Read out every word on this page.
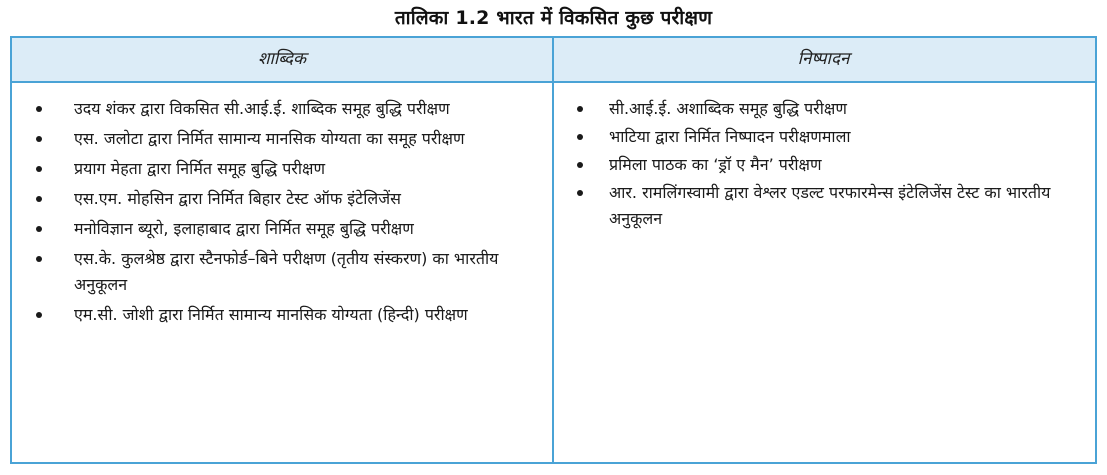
तालिका 1.2 भारत में विकसित कुछ परीक्षण
शाब्दिक	निष्पादन
उदय शंकर द्वारा विकसित सी.आई.ई. शाब्दिक समूह बुद्धि परीक्षण
एस. जलोटा द्वारा निर्मित सामान्य मानसिक योग्यता का समूह परीक्षण
प्रयाग मेहता द्वारा निर्मित समूह बुद्धि परीक्षण
एस.एम. मोहसिन द्वारा निर्मित बिहार टेस्ट ऑफ इंटेलिजेंस
मनोविज्ञान ब्यूरो, इलाहाबाद द्वारा निर्मित समूह बुद्धि परीक्षण
एस.के. कुलश्रेष्ठ द्वारा स्टैनफोर्ड–बिने परीक्षण (तृतीय संस्करण) का भारतीय अनुकूलन
एम.सी. जोशी द्वारा निर्मित सामान्य मानसिक योग्यता (हिन्दी) परीक्षण
सी.आई.ई. अशाब्दिक समूह बुद्धि परीक्षण
भाटिया द्वारा निर्मित निष्पादन परीक्षणमाला
प्रमिला पाठक का ‘ड्रॉ ए मैन’ परीक्षण
आर. रामलिंगस्वामी द्वारा वेश्लर एडल्ट परफारमेन्स इंटेलिजेंस टेस्ट का भारतीय अनुकूलन
